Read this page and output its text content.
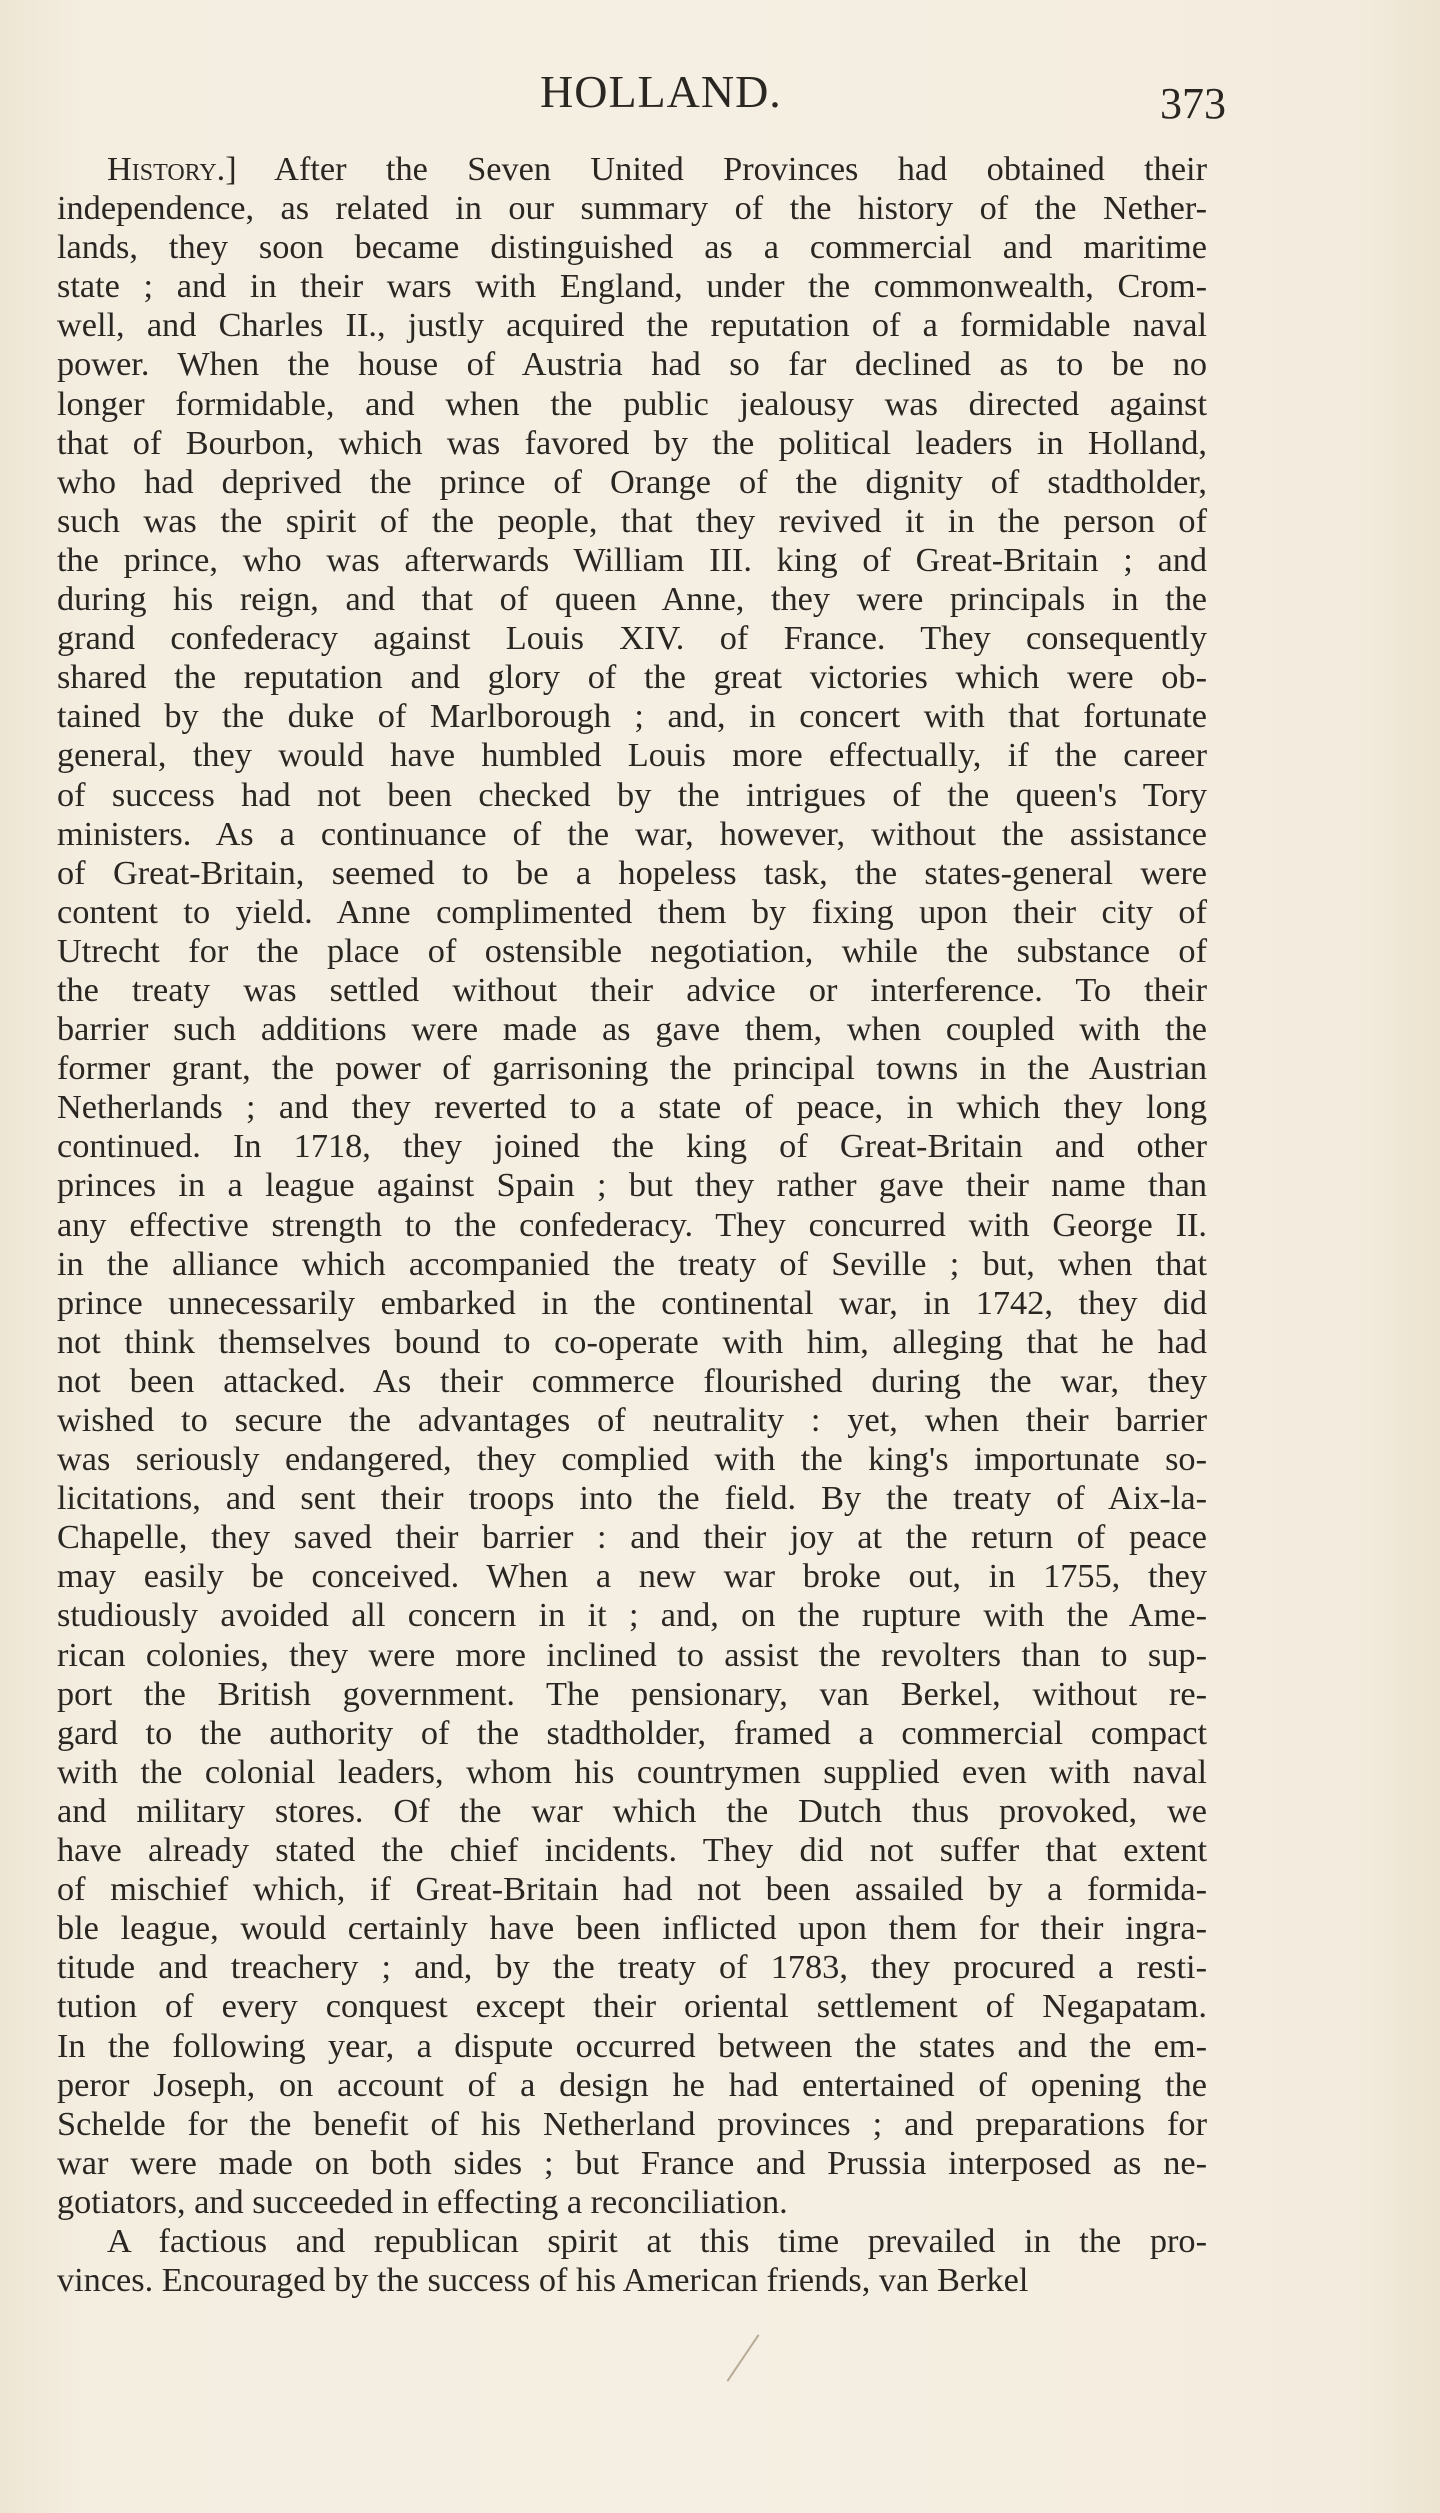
HOLLAND.	373
History.] After the Seven United Provinces had obtained their
independence, as related in our summary of the history of the Nether-
lands, they soon became distinguished as a commercial and maritime
state ; and in their wars with England, under the commonwealth, Crom-
well, and Charles II., justly acquired the reputation of a formidable naval
power. When the house of Austria had so far declined as to be no
longer formidable, and when the public jealousy was directed against
that of Bourbon, which was favored by the political leaders in Holland,
who had deprived the prince of Orange of the dignity of stadtholder,
such was the spirit of the people, that they revived it in the person of
the prince, who was afterwards William III. king of Great-Britain ; and
during his reign, and that of queen Anne, they were principals in the
grand confederacy against Louis XIV. of France. They consequently
shared the reputation and glory of the great victories which were ob-
tained by the duke of Marlborough ; and, in concert with that fortunate
general, they would have humbled Louis more effectually, if the career
of success had not been checked by the intrigues of the queen's Tory
ministers. As a continuance of the war, however, without the assistance
of Great-Britain, seemed to be a hopeless task, the states-general were
content to yield. Anne complimented them by fixing upon their city of
Utrecht for the place of ostensible negotiation, while the substance of
the treaty was settled without their advice or interference. To their
barrier such additions were made as gave them, when coupled with the
former grant, the power of garrisoning the principal towns in the Austrian
Netherlands ; and they reverted to a state of peace, in which they long
continued. In 1718, they joined the king of Great-Britain and other
princes in a league against Spain ; but they rather gave their name than
any effective strength to the confederacy. They concurred with George II.
in the alliance which accompanied the treaty of Seville ; but, when that
prince unnecessarily embarked in the continental war, in 1742, they did
not think themselves bound to co-operate with him, alleging that he had
not been attacked. As their commerce flourished during the war, they
wished to secure the advantages of neutrality : yet, when their barrier
was seriously endangered, they complied with the king's importunate so-
licitations, and sent their troops into the field. By the treaty of Aix-la-
Chapelle, they saved their barrier : and their joy at the return of peace
may easily be conceived. When a new war broke out, in 1755, they
studiously avoided all concern in it ; and, on the rupture with the Ame-
rican colonies, they were more inclined to assist the revolters than to sup-
port the British government. The pensionary, van Berkel, without re-
gard to the authority of the stadtholder, framed a commercial compact
with the colonial leaders, whom his countrymen supplied even with naval
and military stores. Of the war which the Dutch thus provoked, we
have already stated the chief incidents. They did not suffer that extent
of mischief which, if Great-Britain had not been assailed by a formida-
ble league, would certainly have been inflicted upon them for their ingra-
titude and treachery ; and, by the treaty of 1783, they procured a resti-
tution of every conquest except their oriental settlement of Negapatam.
In the following year, a dispute occurred between the states and the em-
peror Joseph, on account of a design he had entertained of opening the
Schelde for the benefit of his Netherland provinces ; and preparations for
war were made on both sides ; but France and Prussia interposed as ne-
gotiators, and succeeded in effecting a reconciliation.
A factious and republican spirit at this time prevailed in the pro-
vinces. Encouraged by the success of his American friends, van Berkel
